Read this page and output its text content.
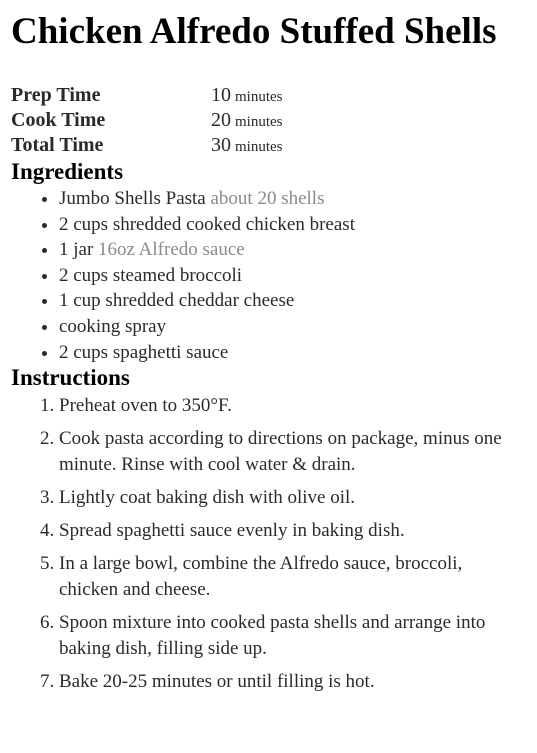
Chicken Alfredo Stuffed Shells
Prep Time	10 minutes
Cook Time	20 minutes
Total Time	30 minutes
Ingredients
• Jumbo Shells Pasta about 20 shells
• 2 cups shredded cooked chicken breast
• 1 jar 16oz Alfredo sauce
• 2 cups steamed broccoli
• 1 cup shredded cheddar cheese
• cooking spray
• 2 cups spaghetti sauce
Instructions
1. Preheat oven to 350°F.
2. Cook pasta according to directions on package, minus one minute. Rinse with cool water & drain.
3. Lightly coat baking dish with olive oil.
4. Spread spaghetti sauce evenly in baking dish.
5. In a large bowl, combine the Alfredo sauce, broccoli, chicken and cheese.
6. Spoon mixture into cooked pasta shells and arrange into baking dish, filling side up.
7. Bake 20-25 minutes or until filling is hot.
